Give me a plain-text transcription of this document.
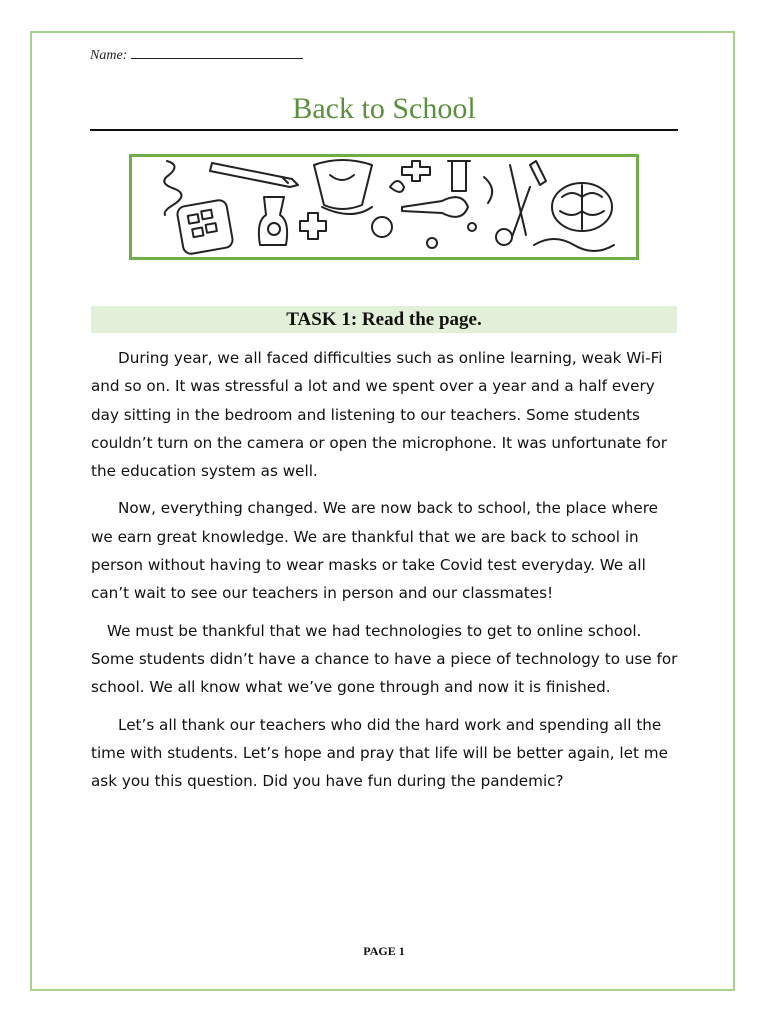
Name:
Back to School
TASK 1: Read the page.

During year, we all faced difficulties such as online learning, weak Wi-Fi and so on. It was stressful a lot and we spent over a year and a half every day sitting in the bedroom and listening to our teachers. Some students couldn’t turn on the camera or open the microphone. It was unfortunate for the education system as well.

Now, everything changed. We are now back to school, the place where we earn great knowledge. We are thankful that we are back to school in person without having to wear masks or take Covid test everyday. We all can’t wait to see our teachers in person and our classmates!

We must be thankful that we had technologies to get to online school. Some students didn’t have a chance to have a piece of technology to use for school. We all know what we’ve gone through and now it is finished.

Let’s all thank our teachers who did the hard work and spending all the time with students. Let’s hope and pray that life will be better again, let me ask you this question. Did you have fun during the pandemic?

PAGE 1
